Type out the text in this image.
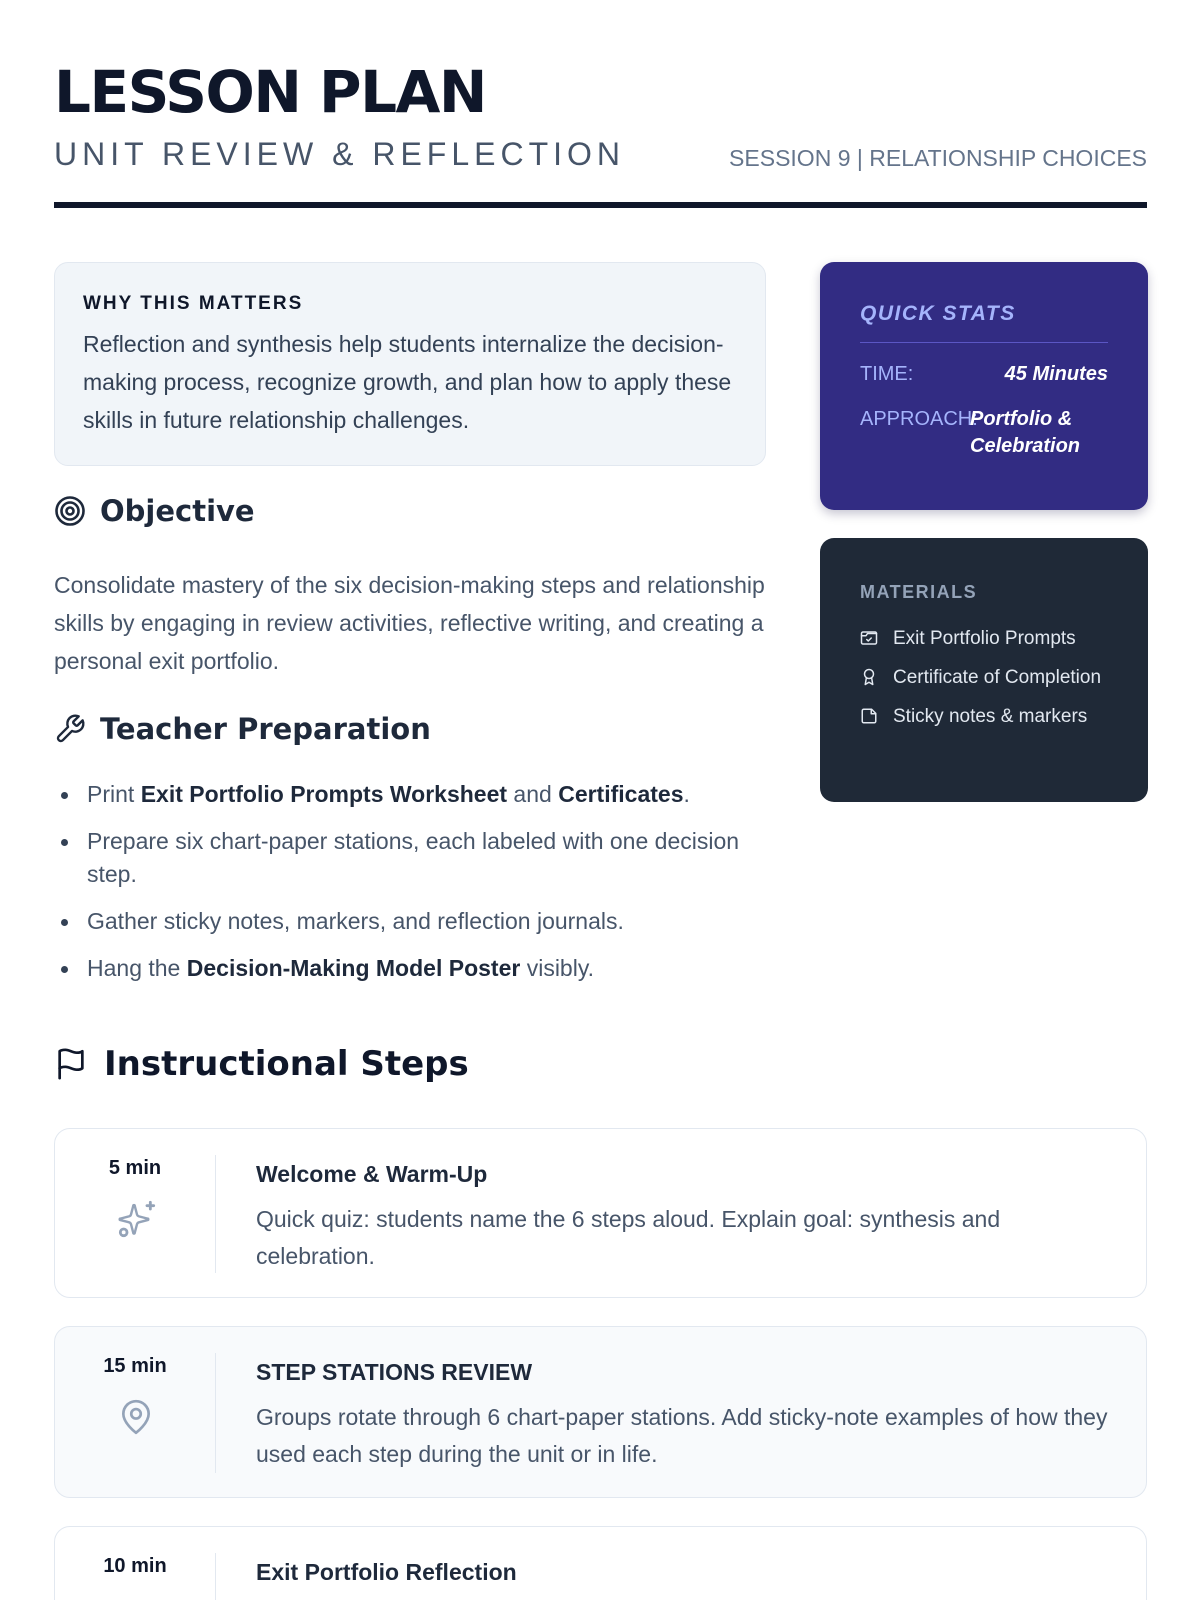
LESSON PLAN
UNIT REVIEW & REFLECTION	SESSION 9 | RELATIONSHIP CHOICES
WHY THIS MATTERS
Reflection and synthesis help students internalize the decision-making process, recognize growth, and plan how to apply these skills in future relationship challenges.
Objective
Consolidate mastery of the six decision-making steps and relationship skills by engaging in review activities, reflective writing, and creating a personal exit portfolio.
Teacher Preparation
Print Exit Portfolio Prompts Worksheet and Certificates.
Prepare six chart-paper stations, each labeled with one decision step.
Gather sticky notes, markers, and reflection journals.
Hang the Decision-Making Model Poster visibly.
QUICK STATS
TIME:	45 Minutes
APPROACH:
Portfolio & Celebration
MATERIALS
Exit Portfolio Prompts
Certificate of Completion
Sticky notes & markers
Instructional Steps
5 min	Welcome & Warm-Up
Quick quiz: students name the 6 steps aloud. Explain goal: synthesis and celebration.
15 min	STEP STATIONS REVIEW
Groups rotate through 6 chart-paper stations. Add sticky-note examples of how they used each step during the unit or in life.
10 min	Exit Portfolio Reflection
